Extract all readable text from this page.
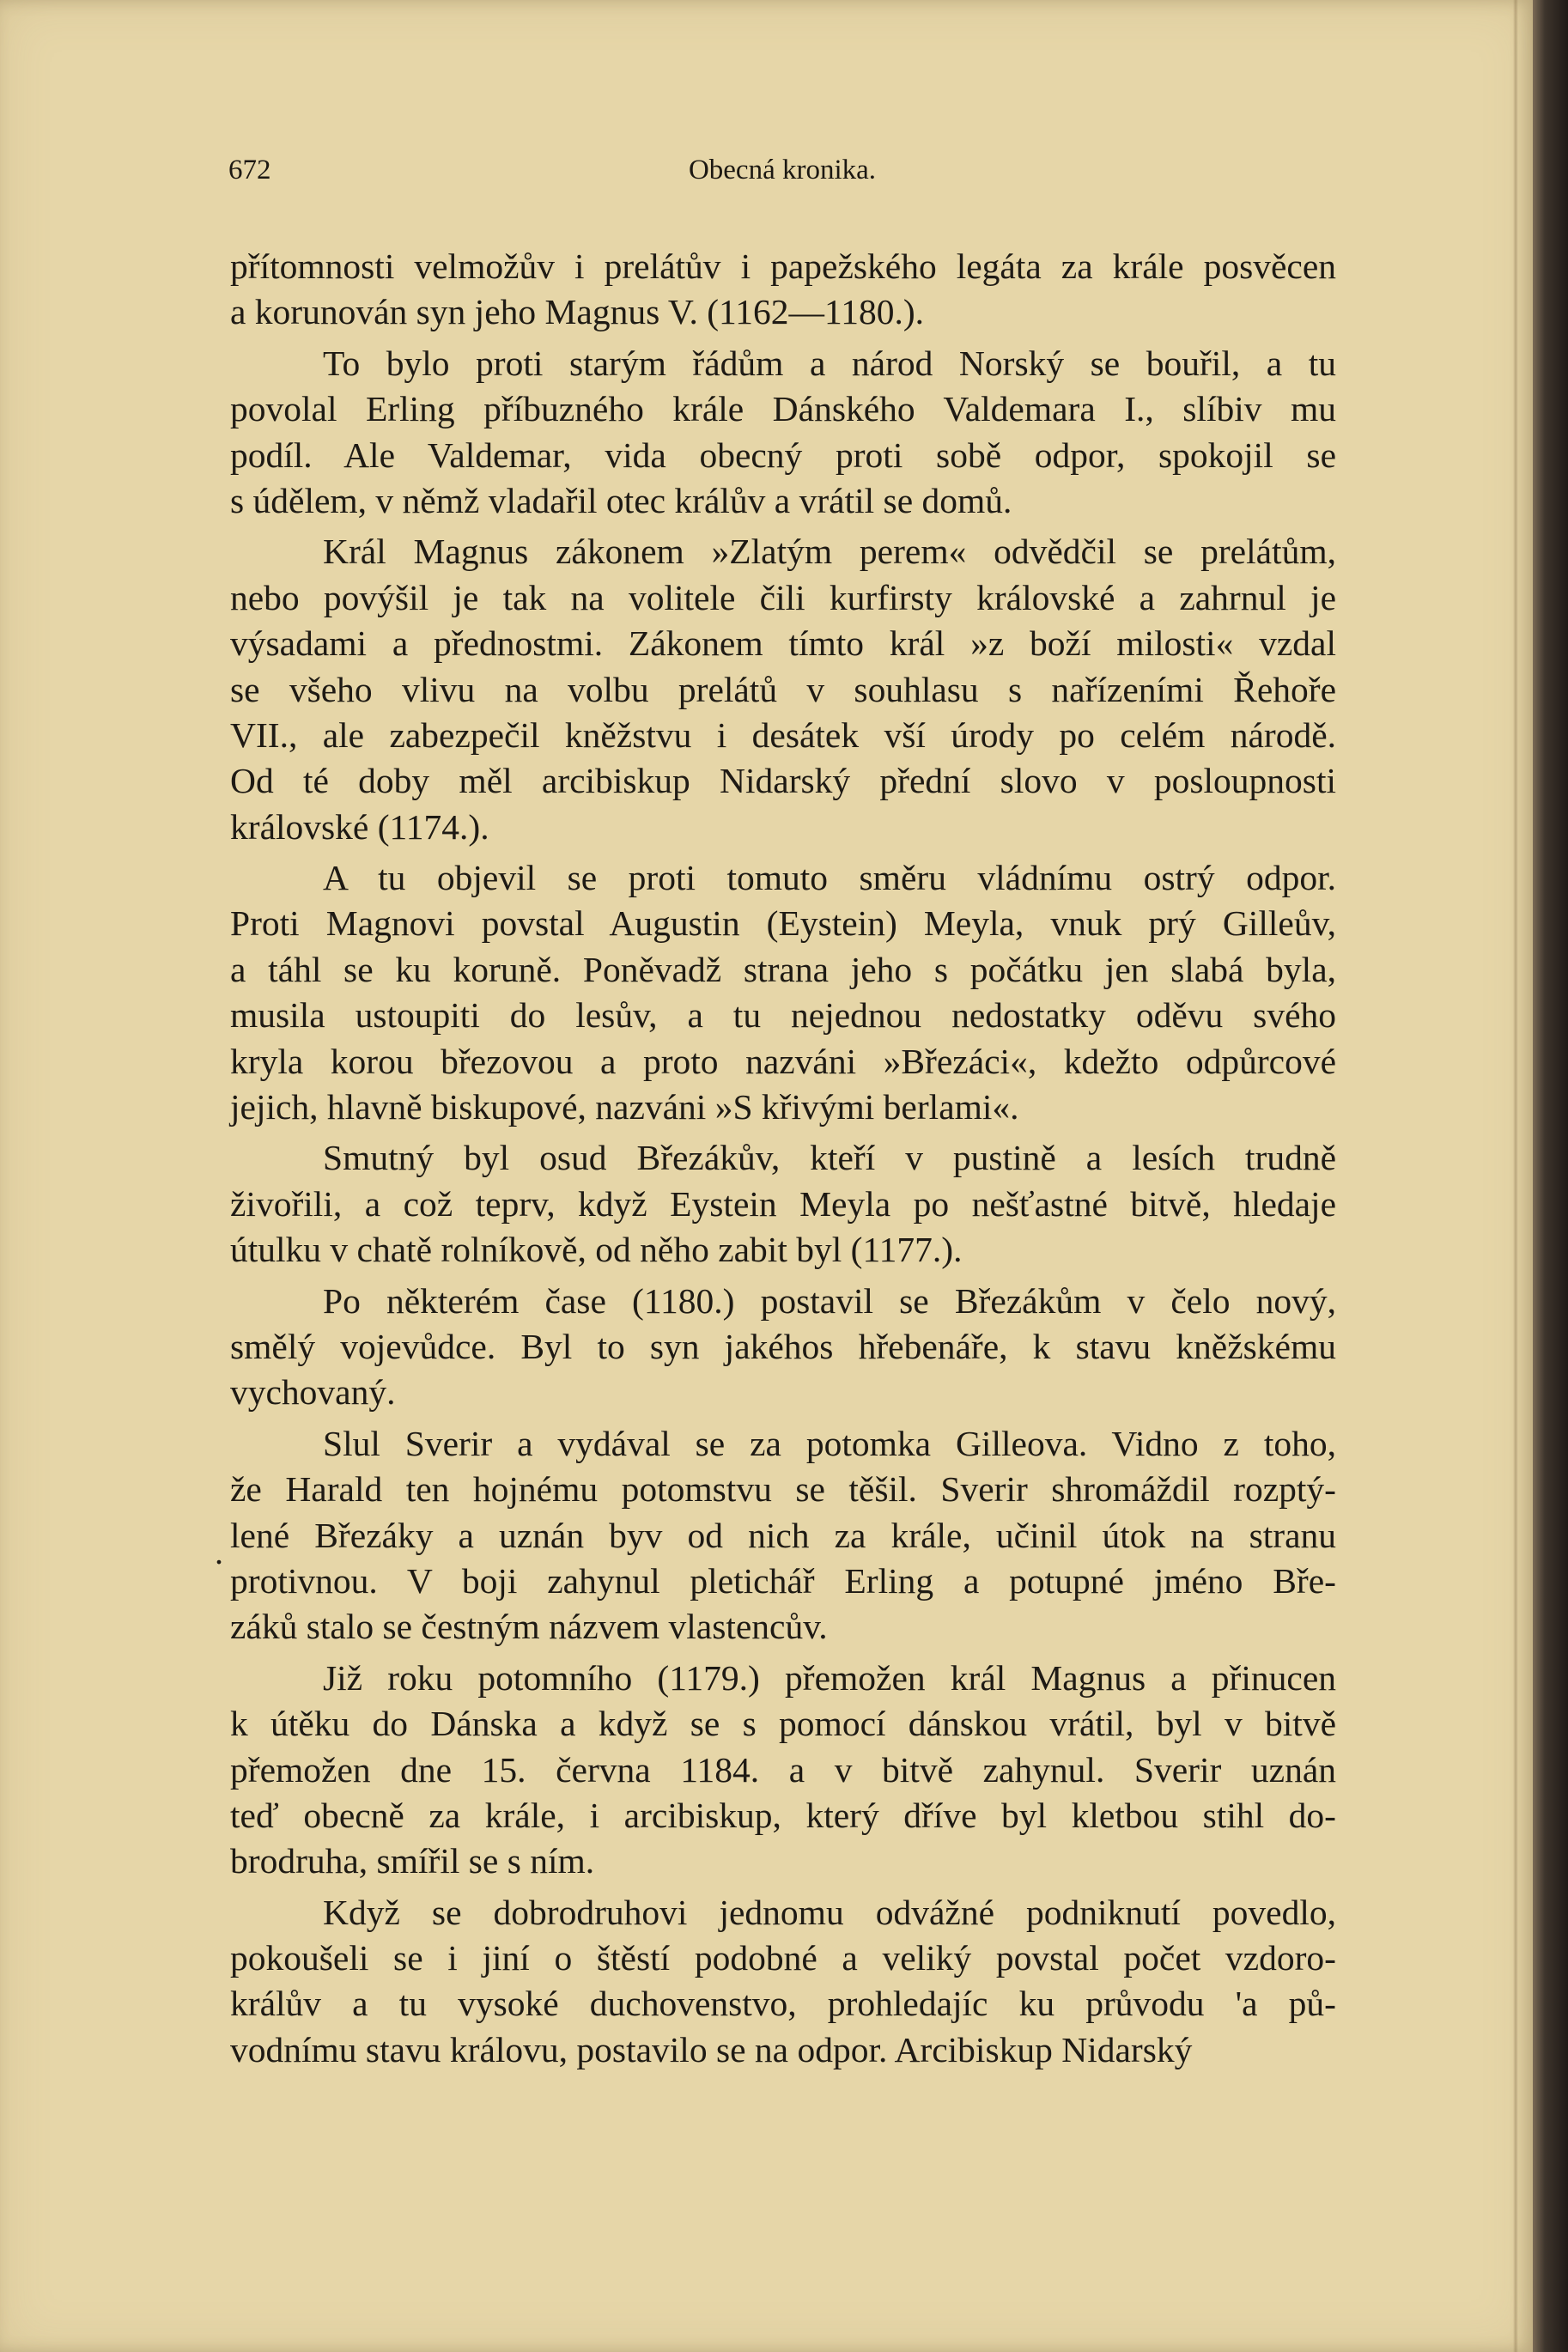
672	Obecná kronika.
.
přítomnosti velmožův i prelátův i papežského legáta za krále posvěcen
a korunován syn jeho Magnus V. (1162—1180.).
To bylo proti starým řádům a národ Norský se bouřil, a tu
povolal Erling příbuzného krále Dánského Valdemara I., slíbiv mu
podíl. Ale Valdemar, vida obecný proti sobě odpor, spokojil se
s údělem, v němž vladařil otec králův a vrátil se domů.
Král Magnus zákonem »Zlatým perem« odvědčil se prelátům,
nebo povýšil je tak na volitele čili kurfirsty královské a zahrnul je
výsadami a přednostmi. Zákonem tímto král »z boží milosti« vzdal
se všeho vlivu na volbu prelátů v souhlasu s nařízeními Řehoře
VII., ale zabezpečil kněžstvu i desátek vší úrody po celém národě.
Od té doby měl arcibiskup Nidarský přední slovo v posloupnosti
královské (1174.).
A tu objevil se proti tomuto směru vládnímu ostrý odpor.
Proti Magnovi povstal Augustin (Eystein) Meyla, vnuk prý Gilleův,
a táhl se ku koruně. Poněvadž strana jeho s počátku jen slabá byla,
musila ustoupiti do lesův, a tu nejednou nedostatky oděvu svého
kryla korou březovou a proto nazváni »Březáci«, kdežto odpůrcové
jejich, hlavně biskupové, nazváni »S křivými berlami«.
Smutný byl osud Březákův, kteří v pustině a lesích trudně
živořili, a což teprv, když Eystein Meyla po nešťastné bitvě, hledaje
útulku v chatě rolníkově, od něho zabit byl (1177.).
Po některém čase (1180.) postavil se Březákům v čelo nový,
smělý vojevůdce. Byl to syn jakéhos hřebenáře, k stavu kněžskému
vychovaný.
Slul Sverir a vydával se za potomka Gilleova. Vidno z toho,
že Harald ten hojnému potomstvu se těšil. Sverir shromáždil rozptý-
lené Březáky a uznán byv od nich za krále, učinil útok na stranu
protivnou. V boji zahynul pletichář Erling a potupné jméno Bře-
záků stalo se čestným názvem vlastencův.
Již roku potomního (1179.) přemožen král Magnus a přinucen
k útěku do Dánska a když se s pomocí dánskou vrátil, byl v bitvě
přemožen dne 15. června 1184. a v bitvě zahynul. Sverir uznán
teď obecně za krále, i arcibiskup, který dříve byl kletbou stihl do-
brodruha, smířil se s ním.
Když se dobrodruhovi jednomu odvážné podniknutí povedlo,
pokoušeli se i jiní o štěstí podobné a veliký povstal počet vzdoro-
králův a tu vysoké duchovenstvo, prohledajíc ku průvodu 'a pů-
vodnímu stavu královu, postavilo se na odpor. Arcibiskup Nidarský
